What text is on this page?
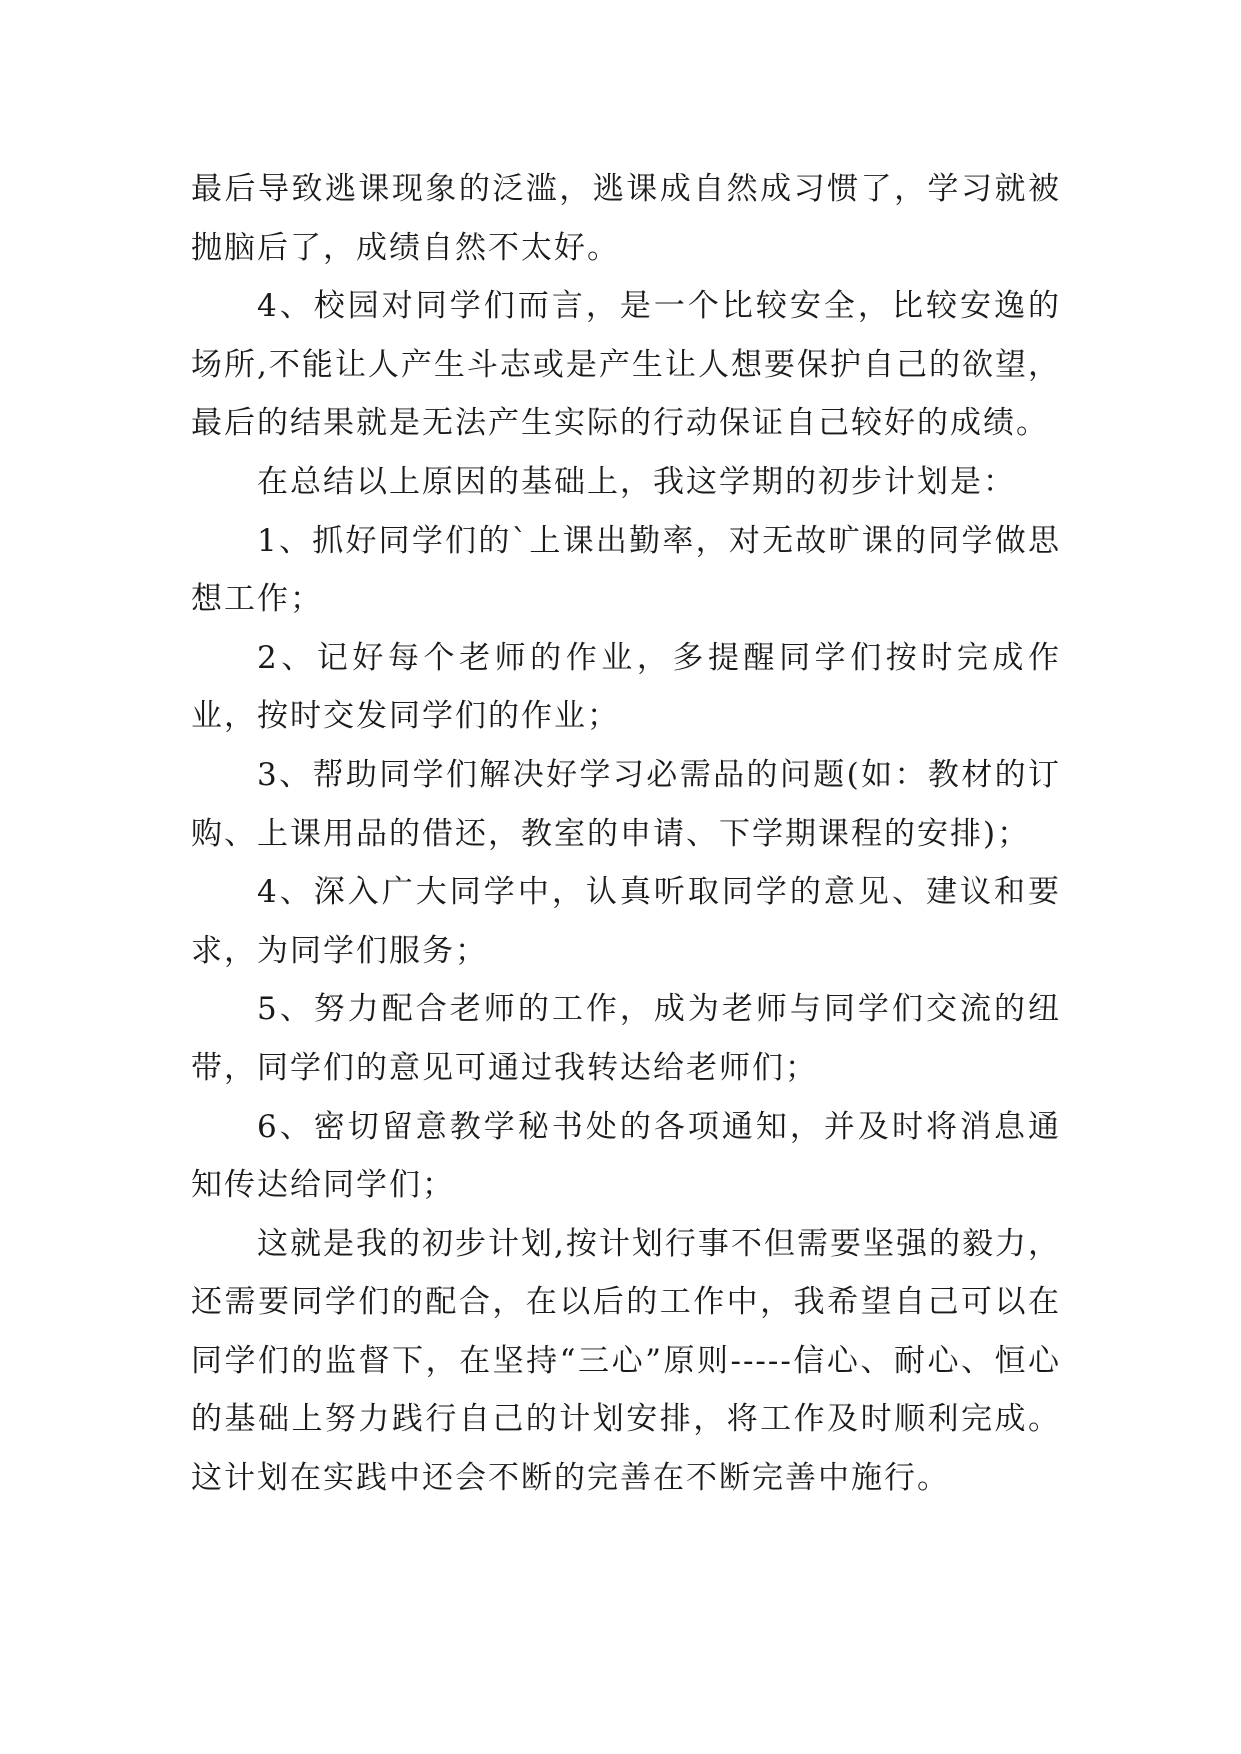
最后导致逃课现象的泛滥，逃课成自然成习惯了，学习就被抛脑后了，成绩自然不太好。

4、校园对同学们而言，是一个比较安全，比较安逸的场所,不能让人产生斗志或是产生让人想要保护自己的欲望，最后的结果就是无法产生实际的行动保证自己较好的成绩。

在总结以上原因的基础上，我这学期的初步计划是：

1、抓好同学们的`上课出勤率，对无故旷课的同学做思想工作；

2、记好每个老师的作业，多提醒同学们按时完成作业，按时交发同学们的作业；

3、帮助同学们解决好学习必需品的问题(如：教材的订购、上课用品的借还，教室的申请、下学期课程的安排)；

4、深入广大同学中，认真听取同学的意见、建议和要求，为同学们服务；

5、努力配合老师的工作，成为老师与同学们交流的纽带，同学们的意见可通过我转达给老师们；

6、密切留意教学秘书处的各项通知，并及时将消息通知传达给同学们；

这就是我的初步计划,按计划行事不但需要坚强的毅力，还需要同学们的配合，在以后的工作中，我希望自己可以在同学们的监督下，在坚持“三心”原则-----信心、耐心、恒心的基础上努力践行自己的计划安排，将工作及时顺利完成。这计划在实践中还会不断的完善在不断完善中施行。
